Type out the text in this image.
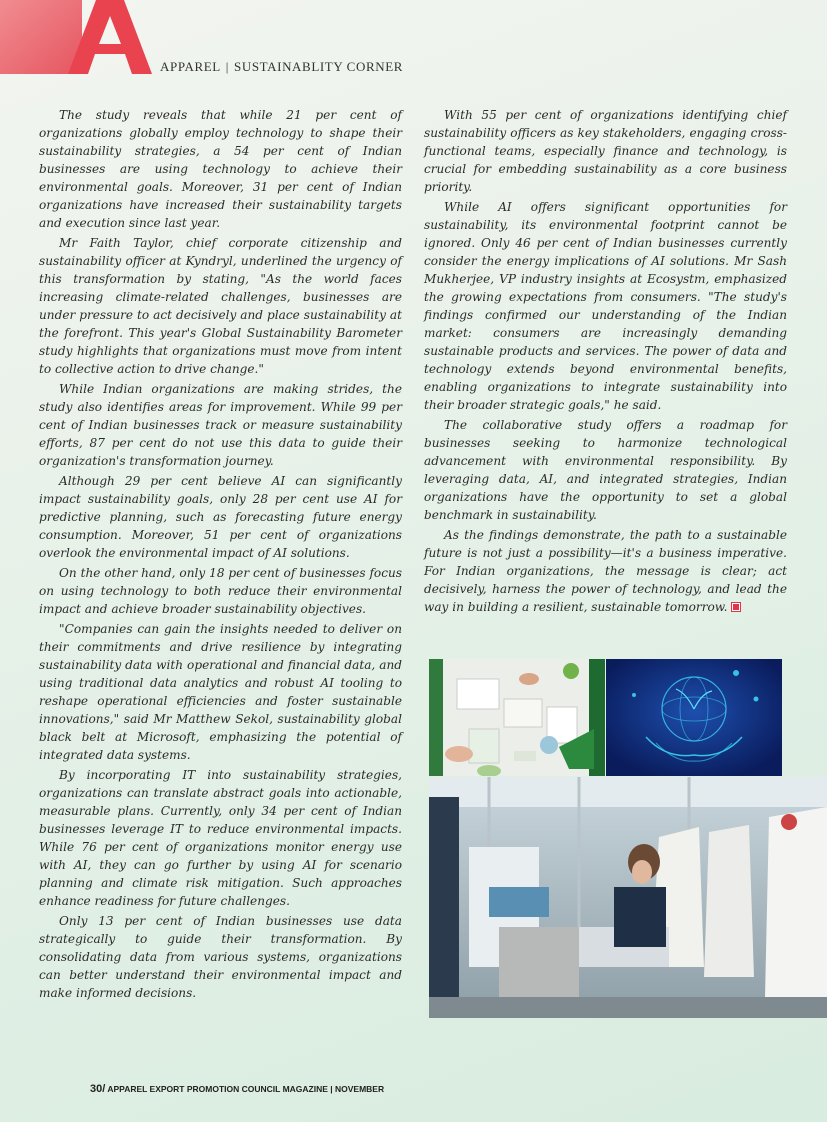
APPAREL | SUSTAINABLITY CORNER

The study reveals that while 21 per cent of organizations globally employ technology to shape their sustainability strategies, a 54 per cent of Indian businesses are using technology to achieve their environmental goals. Moreover, 31 per cent of Indian organizations have increased their sustainability targets and execution since last year.

Mr Faith Taylor, chief corporate citizenship and sustainability officer at Kyndryl, underlined the urgency of this transformation by stating, "As the world faces increasing climate-related challenges, businesses are under pressure to act decisively and place sustainability at the forefront. This year's Global Sustainability Barometer study highlights that organizations must move from intent to collective action to drive change."

While Indian organizations are making strides, the study also identifies areas for improvement. While 99 per cent of Indian businesses track or measure sustainability efforts, 87 per cent do not use this data to guide their organization's transformation journey.

Although 29 per cent believe AI can significantly impact sustainability goals, only 28 per cent use AI for predictive planning, such as forecasting future energy consumption. Moreover, 51 per cent of organizations overlook the environmental impact of AI solutions.

On the other hand, only 18 per cent of businesses focus on using technology to both reduce their environmental impact and achieve broader sustainability objectives.

"Companies can gain the insights needed to deliver on their commitments and drive resilience by integrating sustainability data with operational and financial data, and using traditional data analytics and robust AI tooling to reshape operational efficiencies and foster sustainable innovations," said Mr Matthew Sekol, sustainability global black belt at Microsoft, emphasizing the potential of integrated data systems.

By incorporating IT into sustainability strategies, organizations can translate abstract goals into actionable, measurable plans. Currently, only 34 per cent of Indian businesses leverage IT to reduce environmental impacts. While 76 per cent of organizations monitor energy use with AI, they can go further by using AI for scenario planning and climate risk mitigation. Such approaches enhance readiness for future challenges.

Only 13 per cent of Indian businesses use data strategically to guide their transformation. By consolidating data from various systems, organizations can better understand their environmental impact and make informed decisions.

With 55 per cent of organizations identifying chief sustainability officers as key stakeholders, engaging cross-functional teams, especially finance and technology, is crucial for embedding sustainability as a core business priority.

While AI offers significant opportunities for sustainability, its environmental footprint cannot be ignored. Only 46 per cent of Indian businesses currently consider the energy implications of AI solutions. Mr Sash Mukherjee, VP industry insights at Ecosystm, emphasized the growing expectations from consumers. "The study's findings confirmed our understanding of the Indian market: consumers are increasingly demanding sustainable products and services. The power of data and technology extends beyond environmental benefits, enabling organizations to integrate sustainability into their broader strategic goals," he said.

The collaborative study offers a roadmap for businesses seeking to harmonize technological advancement with environmental responsibility. By leveraging data, AI, and integrated strategies, Indian organizations have the opportunity to set a global benchmark in sustainability.

As the findings demonstrate, the path to a sustainable future is not just a possibility—it's a business imperative. For Indian organizations, the message is clear; act decisively, harness the power of technology, and lead the way in building a resilient, sustainable tomorrow.

30/ APPAREL EXPORT PROMOTION COUNCIL MAGAZINE | NOVEMBER
